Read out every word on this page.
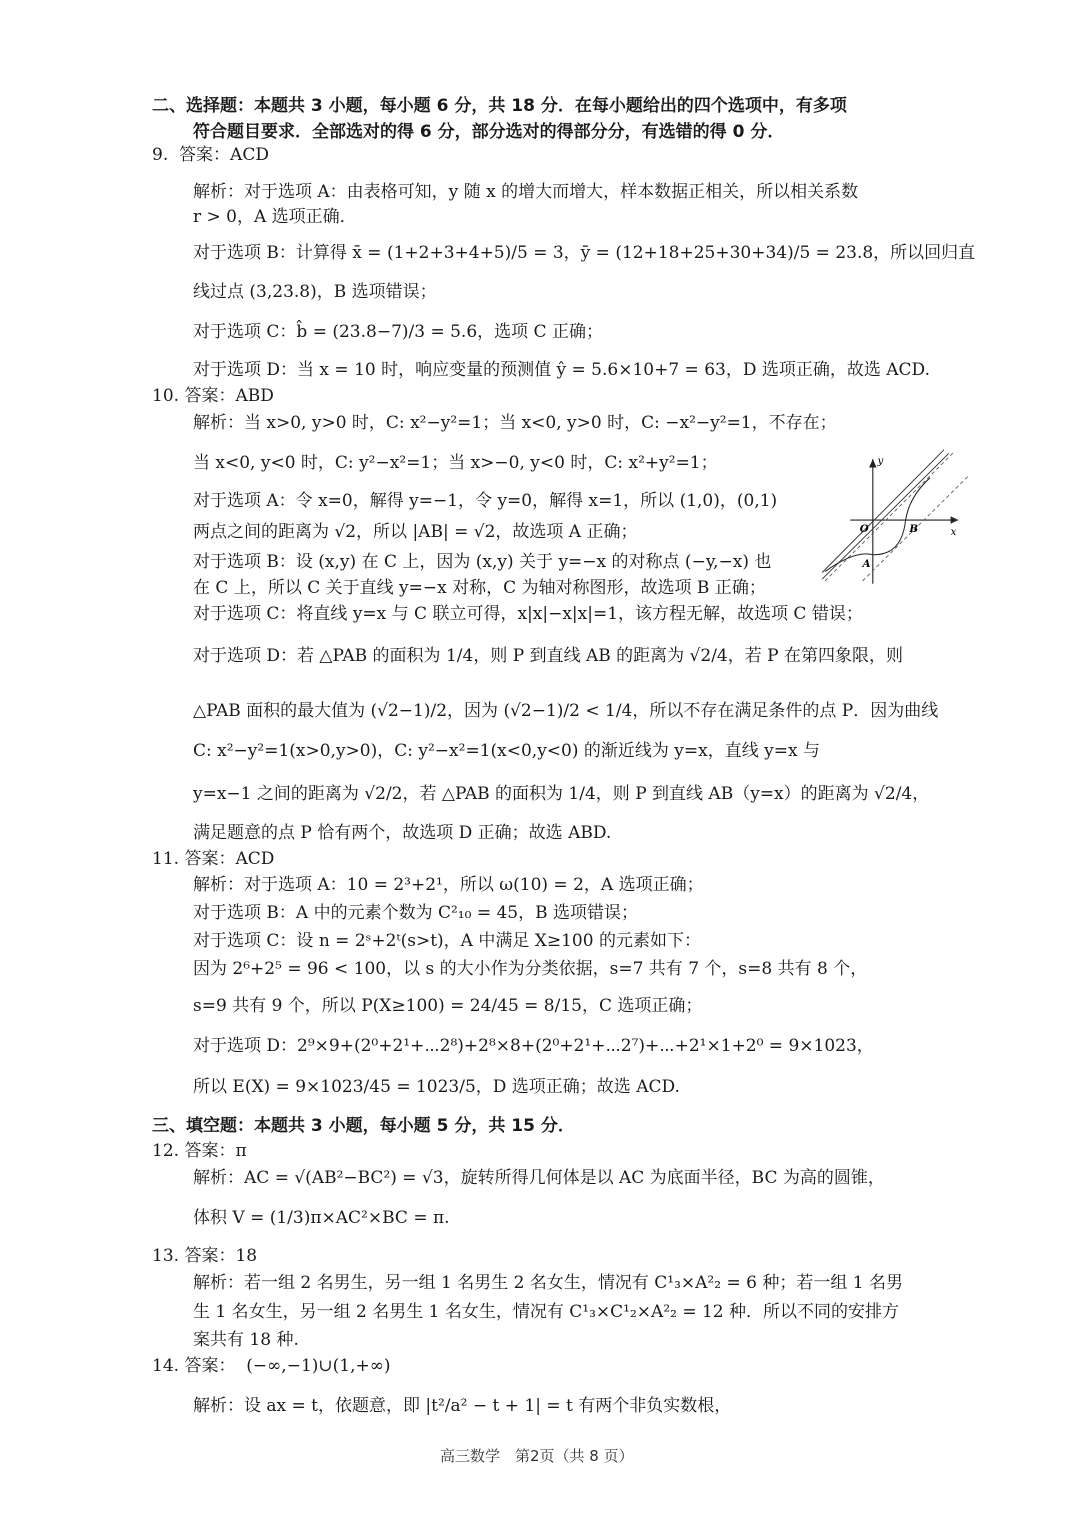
二、选择题：本题共 3 小题，每小题 6 分，共 18 分．在每小题给出的四个选项中，有多项
符合题目要求．全部选对的得 6 分，部分选对的得部分分，有选错的得 0 分．
9. 答案：ACD
解析：对于选项 A：由表格可知，y 随 x 的增大而增大，样本数据正相关，所以相关系数
r > 0，A 选项正确．
对于选项 B：计算得 x̄ = (1+2+3+4+5)/5 = 3，ȳ = (12+18+25+30+34)/5 = 23.8，所以回归直
线过点 (3,23.8)，B 选项错误；
对于选项 C：b̂ = (23.8−7)/3 = 5.6，选项 C 正确；
对于选项 D：当 x = 10 时，响应变量的预测值 ŷ = 5.6×10+7 = 63，D 选项正确，故选 ACD.
10. 答案：ABD
解析：当 x>0, y>0 时，C: x²−y²=1；当 x<0, y>0 时，C: −x²−y²=1，不存在；
当 x<0, y<0 时，C: y²−x²=1；当 x>−0, y<0 时，C: x²+y²=1；
对于选项 A：令 x=0，解得 y=−1，令 y=0，解得 x=1，所以 (1,0)，(0,1)
两点之间的距离为 √2，所以 |AB| = √2，故选项 A 正确；
对于选项 B：设 (x,y) 在 C 上，因为 (x,y) 关于 y=−x 的对称点 (−y,−x) 也
在 C 上，所以 C 关于直线 y=−x 对称，C 为轴对称图形，故选项 B 正确；
对于选项 C：将直线 y=x 与 C 联立可得，x|x|−x|x|=1，该方程无解，故选项 C 错误；
对于选项 D：若 △PAB 的面积为 1/4，则 P 到直线 AB 的距离为 √2/4，若 P 在第四象限，则
△PAB 面积的最大值为 (√2−1)/2，因为 (√2−1)/2 < 1/4，所以不存在满足条件的点 P．因为曲线
C: x²−y²=1(x>0,y>0)，C: y²−x²=1(x<0,y<0) 的渐近线为 y=x，直线 y=x 与
y=x−1 之间的距离为 √2/2，若 △PAB 的面积为 1/4，则 P 到直线 AB（y=x）的距离为 √2/4，
满足题意的点 P 恰有两个，故选项 D 正确；故选 ABD.
y
x
O	B
A
11. 答案：ACD
解析：对于选项 A：10 = 2³+2¹，所以 ω(10) = 2，A 选项正确；
对于选项 B：A 中的元素个数为 C²₁₀ = 45，B 选项错误；
对于选项 C：设 n = 2ˢ+2ᵗ(s>t)，A 中满足 X≥100 的元素如下：
因为 2⁶+2⁵ = 96 < 100，以 s 的大小作为分类依据，s=7 共有 7 个，s=8 共有 8 个，
s=9 共有 9 个，所以 P(X≥100) = 24/45 = 8/15，C 选项正确；
对于选项 D：2⁹×9+(2⁰+2¹+⋯2⁸)+2⁸×8+(2⁰+2¹+⋯2⁷)+⋯+2¹×1+2⁰ = 9×1023，
所以 E(X) = 9×1023/45 = 1023/5，D 选项正确；故选 ACD.
三、填空题：本题共 3 小题，每小题 5 分，共 15 分．
12. 答案：π
解析：AC = √(AB²−BC²) = √3，旋转所得几何体是以 AC 为底面半径，BC 为高的圆锥，
体积 V = (1/3)π×AC²×BC = π.
13. 答案：18
解析：若一组 2 名男生，另一组 1 名男生 2 名女生，情况有 C¹₃×A²₂ = 6 种；若一组 1 名男
生 1 名女生，另一组 2 名男生 1 名女生，情况有 C¹₃×C¹₂×A²₂ = 12 种．所以不同的安排方
案共有 18 种.
14. 答案： (−∞,−1)∪(1,+∞)
解析：设 ax = t，依题意，即 |t²/a² − t + 1| = t 有两个非负实数根，
高三数学　第2页（共 8 页）
